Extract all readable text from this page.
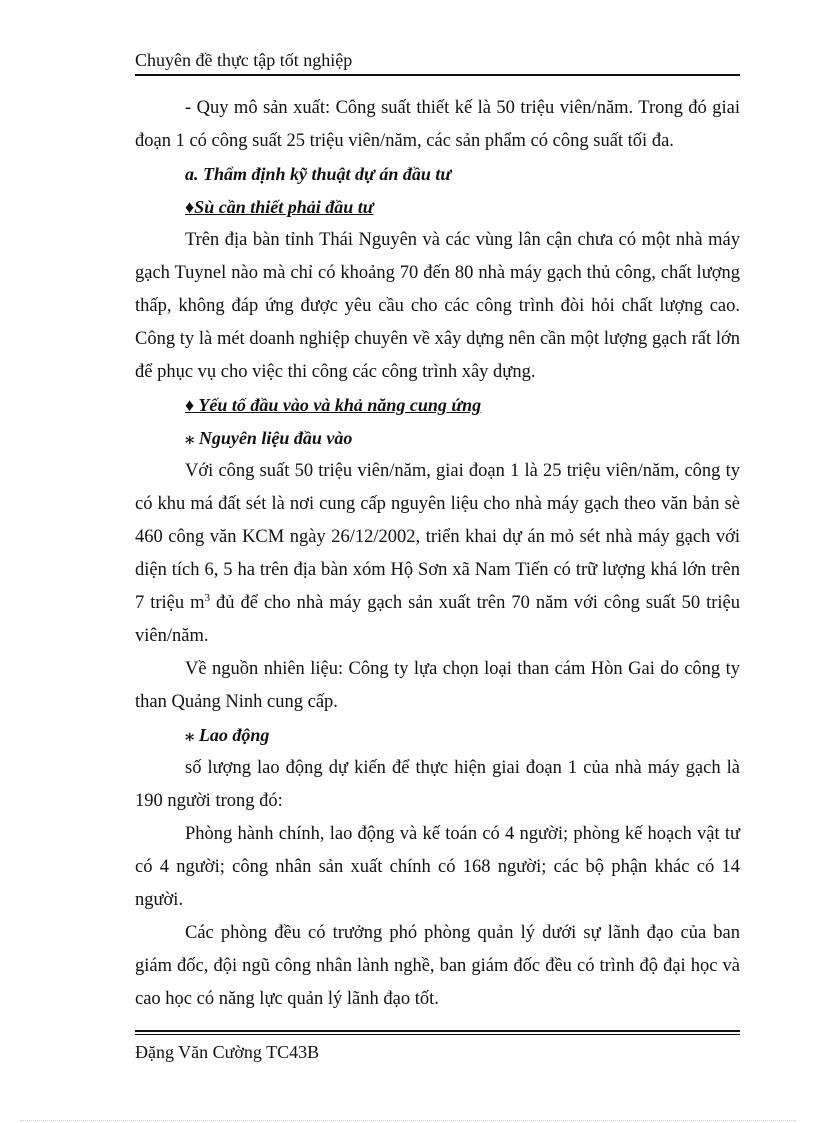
Chuyên đề thực tập tốt nghiệp

- Quy mô sản xuất: Công suất thiết kế là 50 triệu viên/năm. Trong đó giai đoạn 1 có công suất 25 triệu viên/năm, các sản phẩm có công suất tối đa.

a. Thẩm định kỹ thuật dự án đầu tư

♦Sù cần thiết phải đầu tư

Trên địa bàn tỉnh Thái Nguyên và các vùng lân cận chưa có một nhà máy gạch Tuynel nào mà chỉ có khoảng 70 đến 80 nhà máy gạch thủ công, chất lượng thấp, không đáp ứng được yêu cầu cho các công trình đòi hỏi chất lượng cao. Công ty là mét doanh nghiệp chuyên về xây dựng nên cần một lượng gạch rất lớn để phục vụ cho việc thi công các công trình xây dựng.

♦ Yếu tố đầu vào và khả năng cung ứng

⁎ Nguyên liệu đầu vào

Với công suất 50 triệu viên/năm, giai đoạn 1 là 25 triệu viên/năm, công ty có khu má đất sét là nơi cung cấp nguyên liệu cho nhà máy gạch theo văn bản sè 460 công văn KCM ngày 26/12/2002, triển khai dự án mỏ sét nhà máy gạch với diện tích 6, 5 ha trên địa bàn xóm Hộ Sơn xã Nam Tiến có trữ lượng khá lớn trên 7 triệu $m^3$ đủ để cho nhà máy gạch sản xuất trên 70 năm với công suất 50 triệu viên/năm.

Về nguồn nhiên liệu: Công ty lựa chọn loại than cám Hòn Gai do công ty than Quảng Ninh cung cấp.

⁎ Lao động

số lượng lao động dự kiến để thực hiện giai đoạn 1 của nhà máy gạch là 190 người trong đó:

Phòng hành chính, lao động và kế toán có 4 người; phòng kế hoạch vật tư có 4 người; công nhân sản xuất chính có 168 người; các bộ phận khác có 14 người.

Các phòng đều có trưởng phó phòng quản lý dưới sự lãnh đạo của ban giám đốc, đội ngũ công nhân lành nghề, ban giám đốc đều có trình độ đại học và cao học có năng lực quản lý lãnh đạo tốt.

Đặng Văn Cường TC43B
